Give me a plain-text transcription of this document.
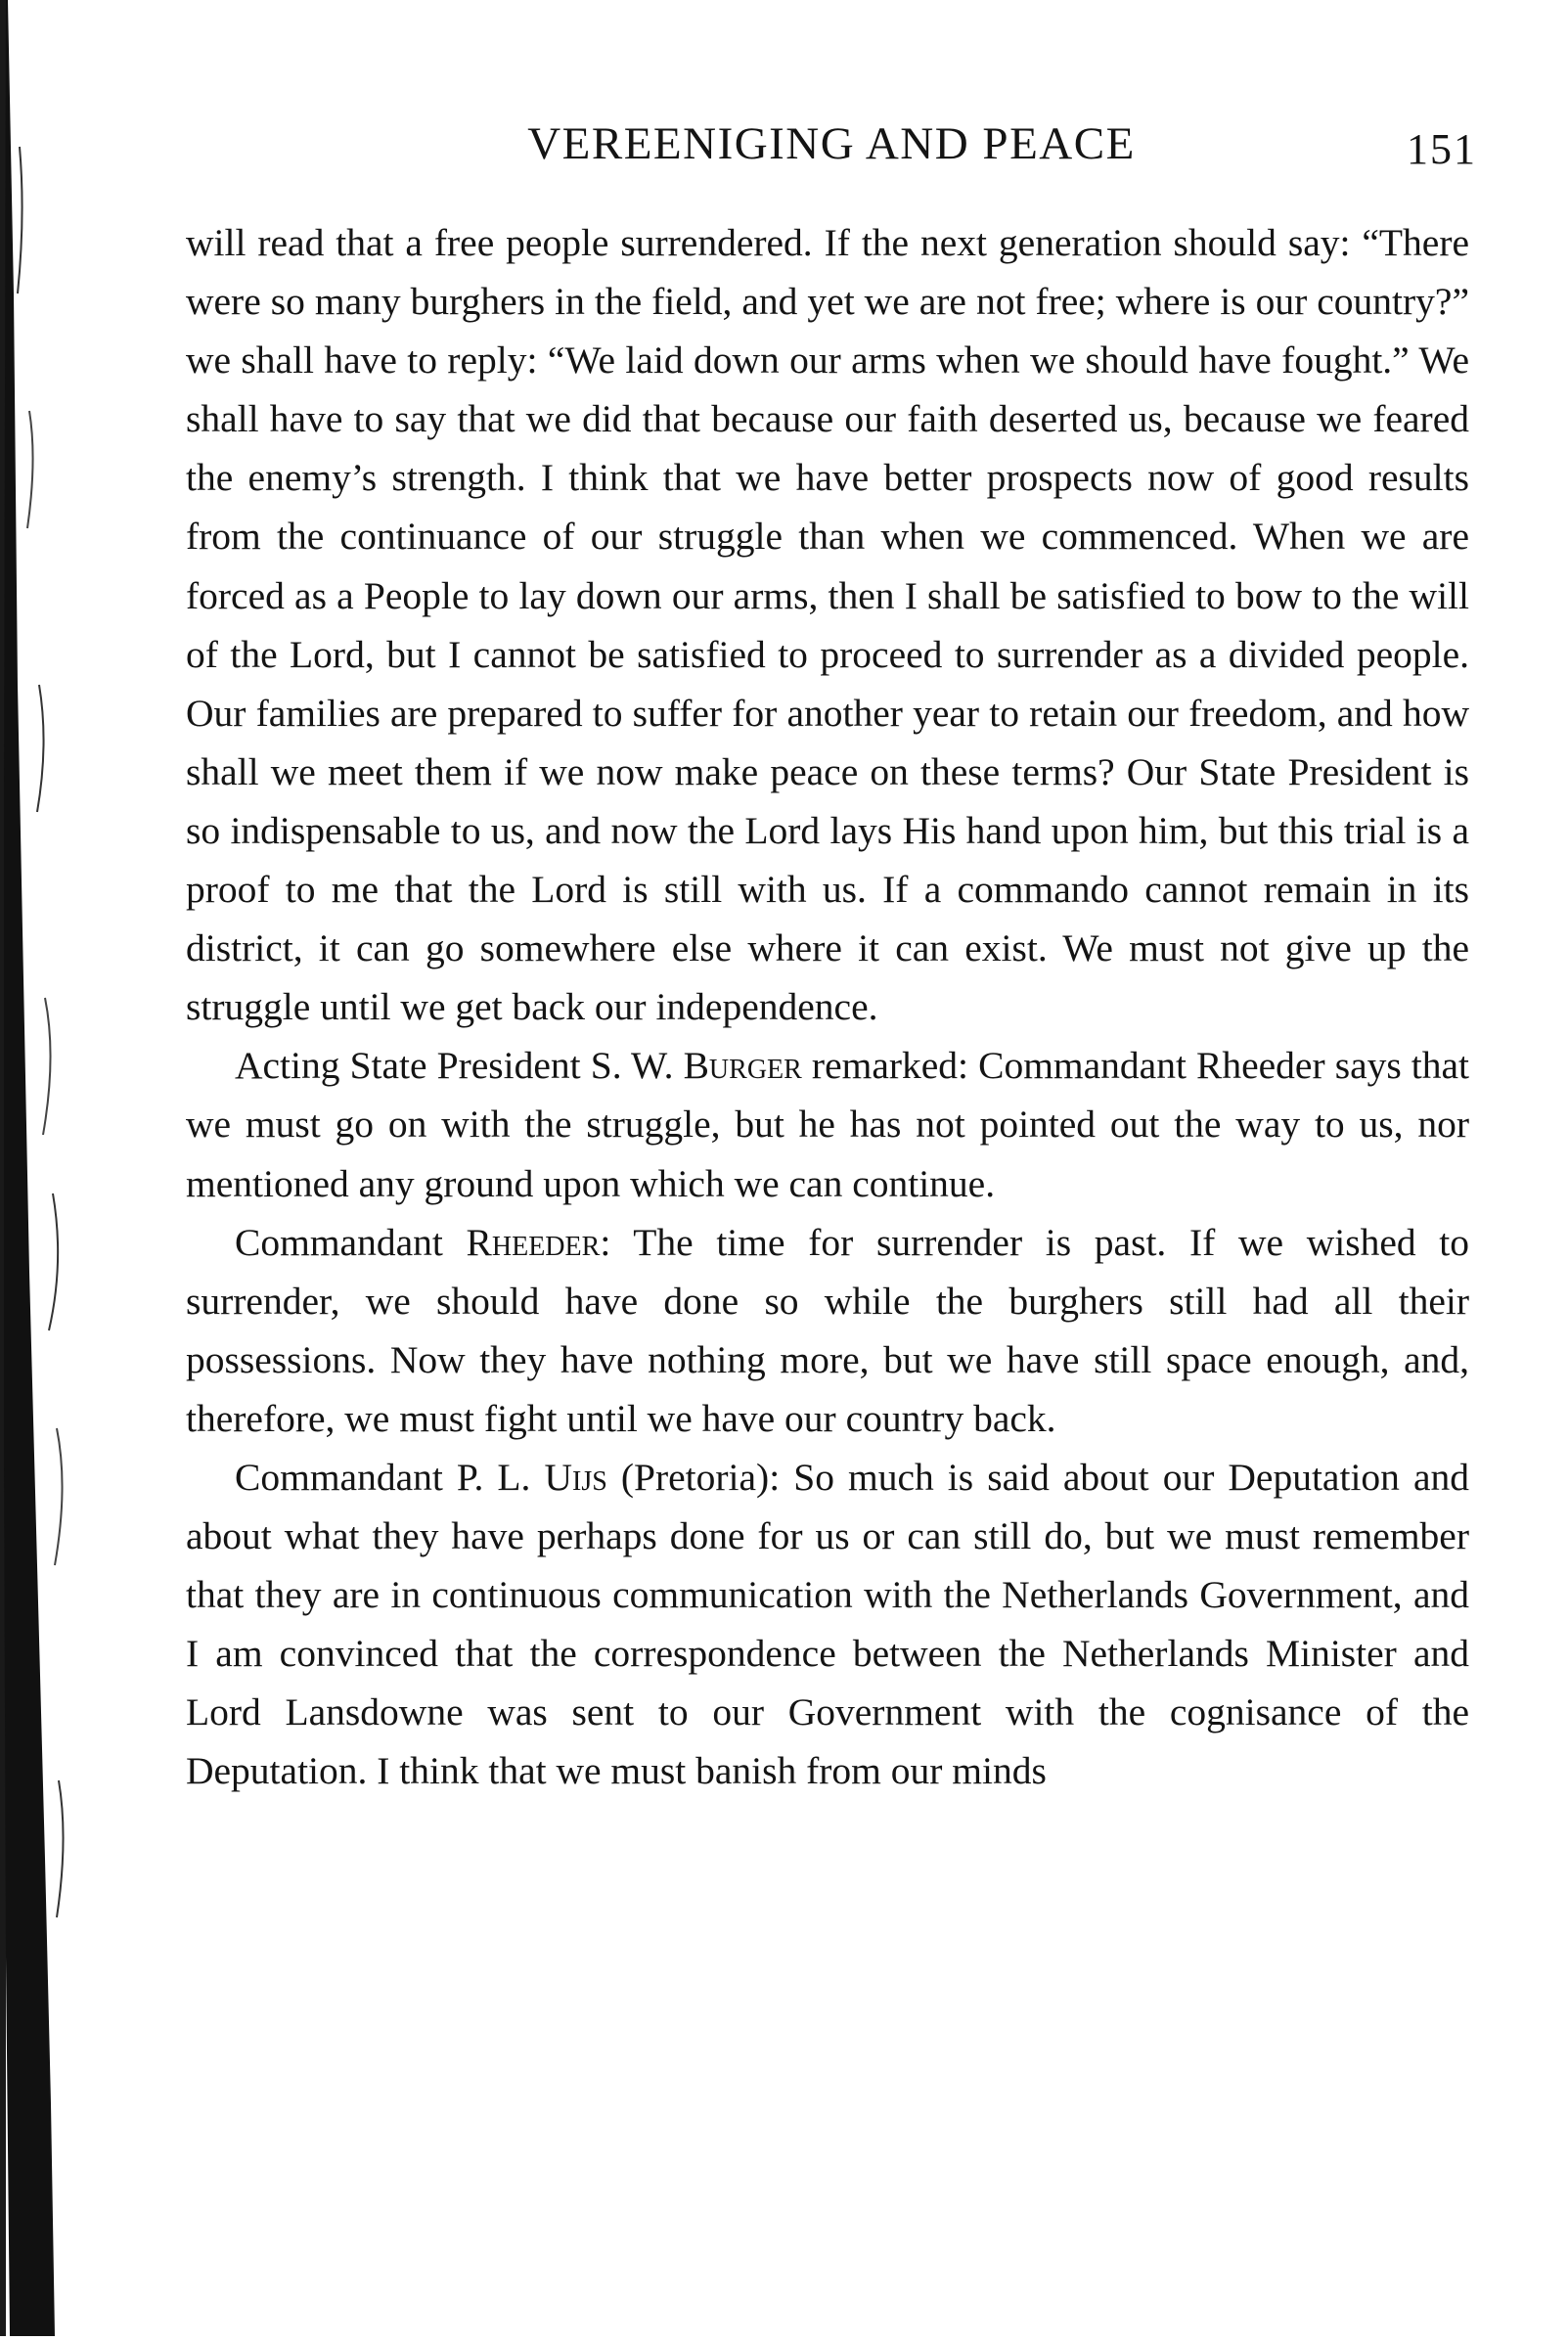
VEREENIGING AND PEACE	151

will read that a free people surrendered. If the next generation should say: “There were so many burghers in the field, and yet we are not free; where is our country?” we shall have to reply: “We laid down our arms when we should have fought.” We shall have to say that we did that because our faith deserted us, because we feared the enemy’s strength. I think that we have better prospects now of good results from the continuance of our struggle than when we commenced. When we are forced as a People to lay down our arms, then I shall be satisfied to bow to the will of the Lord, but I cannot be satisfied to proceed to surrender as a divided people. Our families are prepared to suffer for another year to retain our freedom, and how shall we meet them if we now make peace on these terms? Our State President is so indispensable to us, and now the Lord lays His hand upon him, but this trial is a proof to me that the Lord is still with us. If a commando cannot remain in its district, it can go somewhere else where it can exist. We must not give up the struggle until we get back our independence.

Acting State President S. W. Burger remarked: Commandant Rheeder says that we must go on with the struggle, but he has not pointed out the way to us, nor mentioned any ground upon which we can continue.

Commandant Rheeder: The time for surrender is past. If we wished to surrender, we should have done so while the burghers still had all their possessions. Now they have nothing more, but we have still space enough, and, therefore, we must fight until we have our country back.

Commandant P. L. Uijs (Pretoria): So much is said about our Deputation and about what they have perhaps done for us or can still do, but we must remember that they are in continuous communication with the Netherlands Government, and I am convinced that the correspondence between the Netherlands Minister and Lord Lansdowne was sent to our Government with the cognisance of the Deputation. I think that we must banish from our minds
